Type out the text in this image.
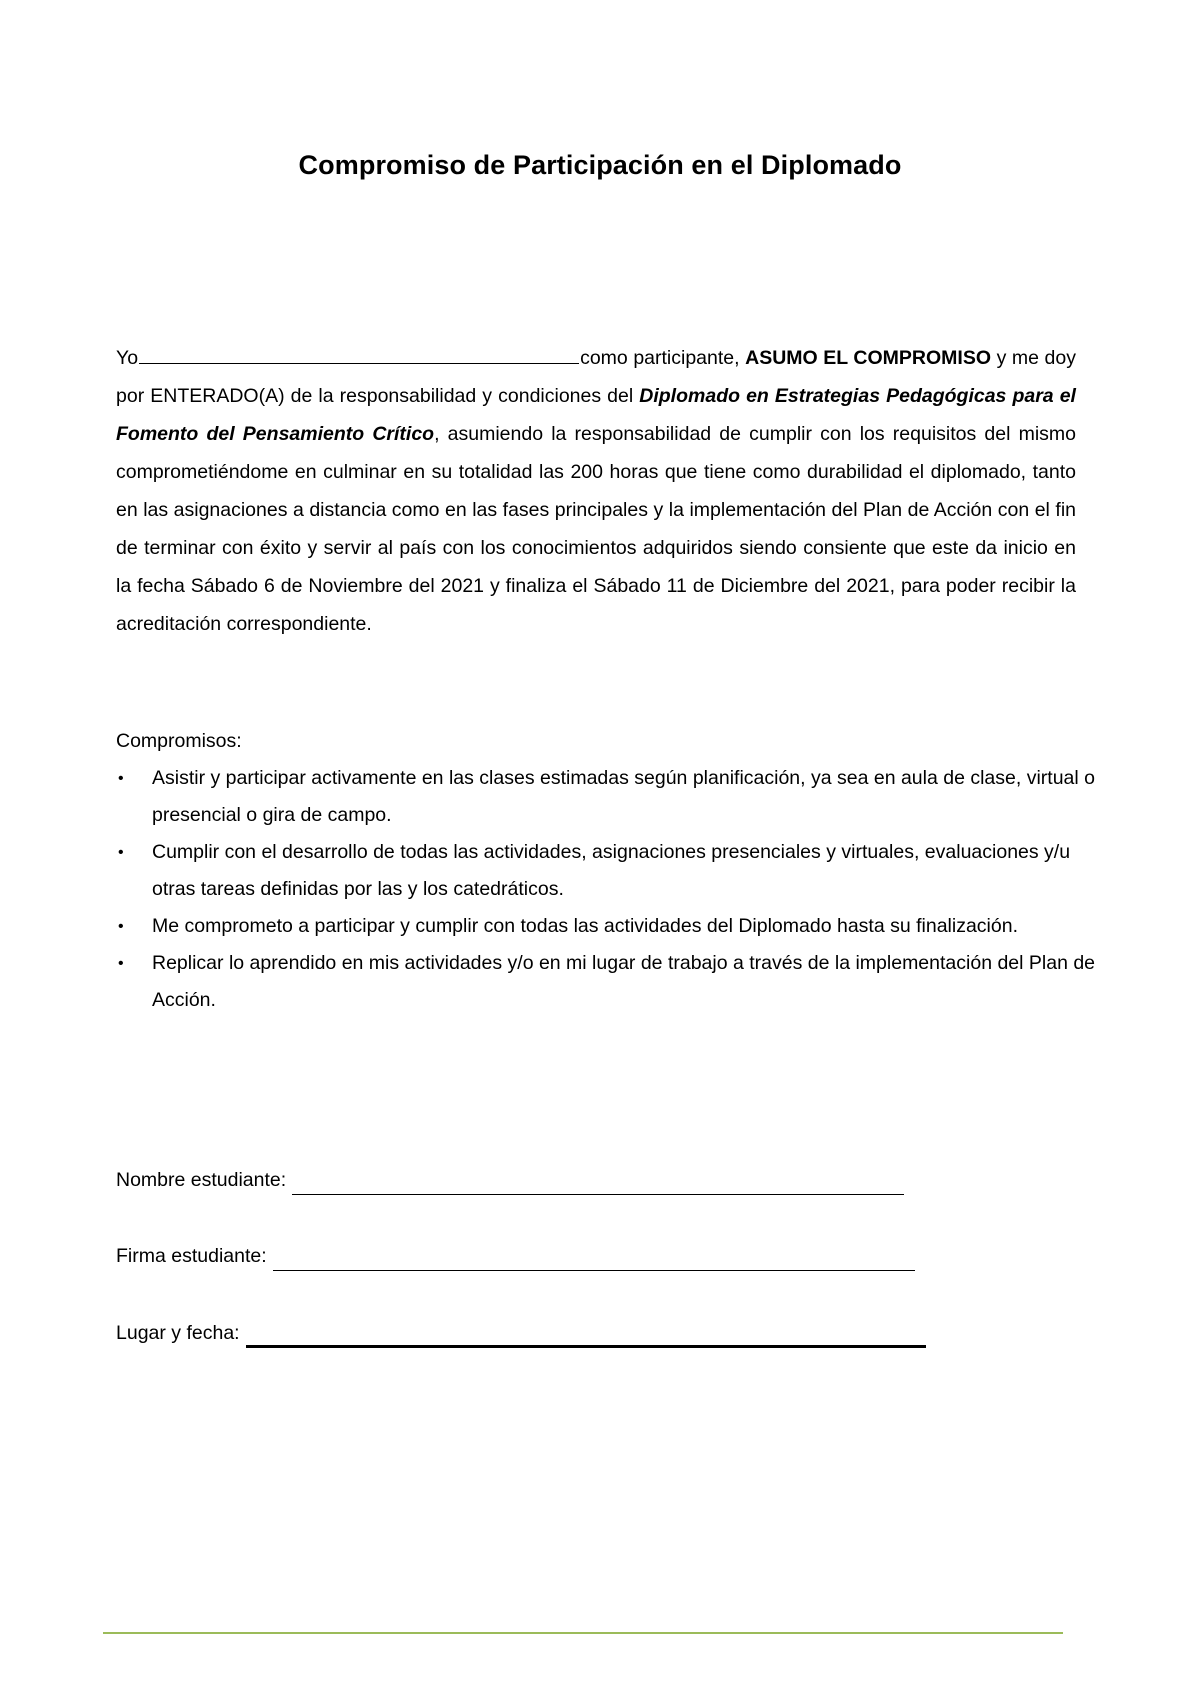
Compromiso de Participación en el Diplomado
Yo	como participante, ASUMO EL COMPROMISO y me doy por ENTERADO(A) de la responsabilidad y condiciones del Diplomado en Estrategias Pedagógicas para el Fomento del Pensamiento Crítico, asumiendo la responsabilidad de cumplir con los requisitos del mismo comprometiéndome en culminar en su totalidad las 200 horas que tiene como durabilidad el diplomado, tanto en las asignaciones a distancia como en las fases principales y la implementación del Plan de Acción con el fin de terminar con éxito y servir al país con los conocimientos adquiridos siendo consiente que este da inicio en la fecha Sábado 6 de Noviembre del 2021 y finaliza el Sábado 11 de Diciembre del 2021, para poder recibir la acreditación correspondiente.
Compromisos:
• Asistir y participar activamente en las clases estimadas según planificación, ya sea en aula de clase, virtual o presencial o gira de campo.
• Cumplir con el desarrollo de todas las actividades, asignaciones presenciales y virtuales, evaluaciones y/u otras tareas definidas por las y los catedráticos.
• Me comprometo a participar y cumplir con todas las actividades del Diplomado hasta su finalización.
• Replicar lo aprendido en mis actividades y/o en mi lugar de trabajo a través de la implementación del Plan de Acción.
Nombre estudiante:
Firma estudiante:
Lugar y fecha:
